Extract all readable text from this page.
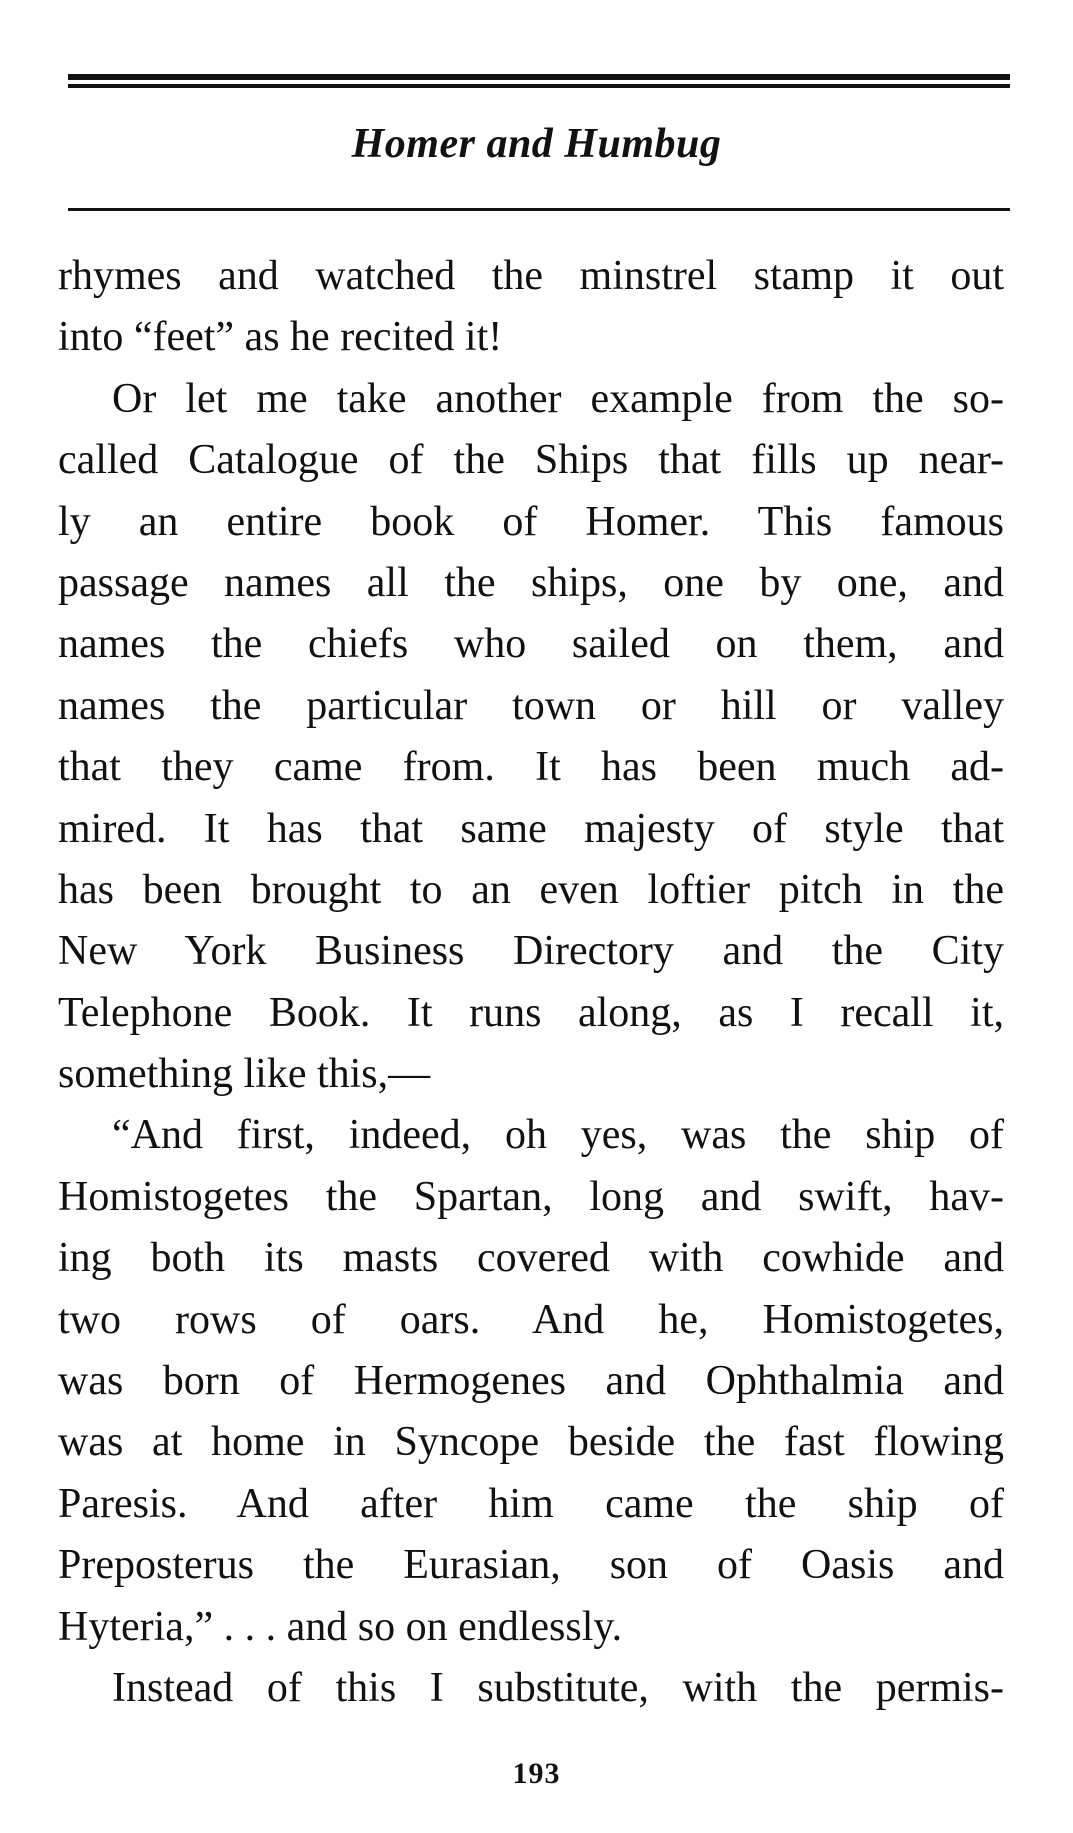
Homer and Humbug
rhymes and watched the minstrel stamp it out
into “feet” as he recited it!
Or let me take another example from the so-
called Catalogue of the Ships that fills up near-
ly an entire book of Homer. This famous
passage names all the ships, one by one, and
names the chiefs who sailed on them, and
names the particular town or hill or valley
that they came from. It has been much ad-
mired. It has that same majesty of style that
has been brought to an even loftier pitch in the
New York Business Directory and the City
Telephone Book. It runs along, as I recall it,
something like this,—
“And first, indeed, oh yes, was the ship of
Homistogetes the Spartan, long and swift, hav-
ing both its masts covered with cowhide and
two rows of oars. And he, Homistogetes,
was born of Hermogenes and Ophthalmia and
was at home in Syncope beside the fast flowing
Paresis. And after him came the ship of
Preposterus the Eurasian, son of Oasis and
Hyteria,” . . . and so on endlessly.
Instead of this I substitute, with the permis-
193
